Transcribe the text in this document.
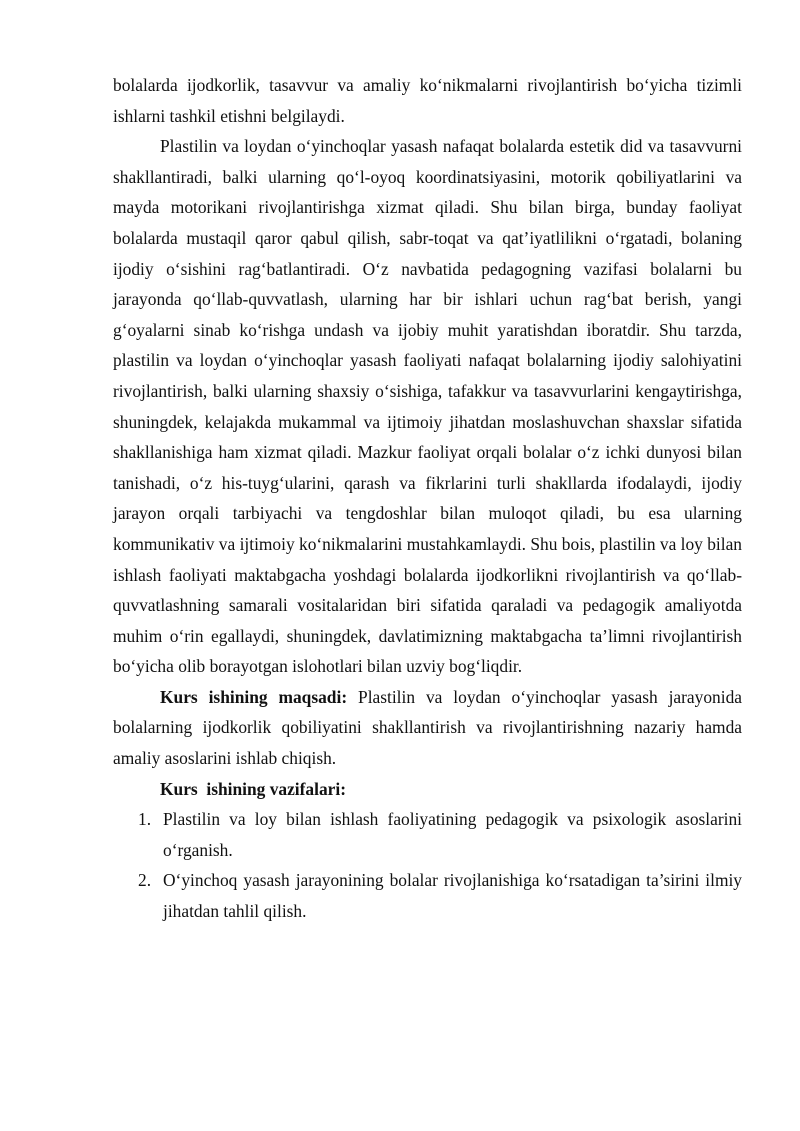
bolalarda ijodkorlik, tasavvur va amaliy ko‘nikmalarni rivojlantirish bo‘yicha tizimli ishlarni tashkil etishni belgilaydi.

Plastilin va loydan o‘yinchoqlar yasash nafaqat bolalarda estetik did va tasavvurni shakllantiradi, balki ularning qo‘l-oyoq koordinatsiyasini, motorik qobiliyatlarini va mayda motorikani rivojlantirishga xizmat qiladi. Shu bilan birga, bunday faoliyat bolalarda mustaqil qaror qabul qilish, sabr-toqat va qat’iyatlilikni o‘rgatadi, bolaning ijodiy o‘sishini rag‘batlantiradi. O‘z navbatida pedagogning vazifasi bolalarni bu jarayonda qo‘llab-quvvatlash, ularning har bir ishlari uchun rag‘bat berish, yangi g‘oyalarni sinab ko‘rishga undash va ijobiy muhit yaratishdan iboratdir. Shu tarzda, plastilin va loydan o‘yinchoqlar yasash faoliyati nafaqat bolalarning ijodiy salohiyatini rivojlantirish, balki ularning shaxsiy o‘sishiga, tafakkur va tasavvurlarini kengaytirishga, shuningdek, kelajakda mukammal va ijtimoiy jihatdan moslashuvchan shaxslar sifatida shakllanishiga ham xizmat qiladi. Mazkur faoliyat orqali bolalar o‘z ichki dunyosi bilan tanishadi, o‘z his-tuyg‘ularini, qarash va fikrlarini turli shakllarda ifodalaydi, ijodiy jarayon orqali tarbiyachi va tengdoshlar bilan muloqot qiladi, bu esa ularning kommunikativ va ijtimoiy ko‘nikmalarini mustahkamlaydi. Shu bois, plastilin va loy bilan ishlash faoliyati maktabgacha yoshdagi bolalarda ijodkorlikni rivojlantirish va qo‘llab-quvvatlashning samarali vositalaridan biri sifatida qaraladi va pedagogik amaliyotda muhim o‘rin egallaydi, shuningdek, davlatimizning maktabgacha ta’limni rivojlantirish bo‘yicha olib borayotgan islohotlari bilan uzviy bog‘liqdir.

Kurs ishining maqsadi: Plastilin va loydan o‘yinchoqlar yasash jarayonida bolalarning ijodkorlik qobiliyatini shakllantirish va rivojlantirishning nazariy hamda amaliy asoslarini ishlab chiqish.

Kurs  ishining vazifalari:

1. Plastilin va loy bilan ishlash faoliyatining pedagogik va psixologik asoslarini o‘rganish.
2. O‘yinchoq yasash jarayonining bolalar rivojlanishiga ko‘rsatadigan ta’sirini ilmiy jihatdan tahlil qilish.
